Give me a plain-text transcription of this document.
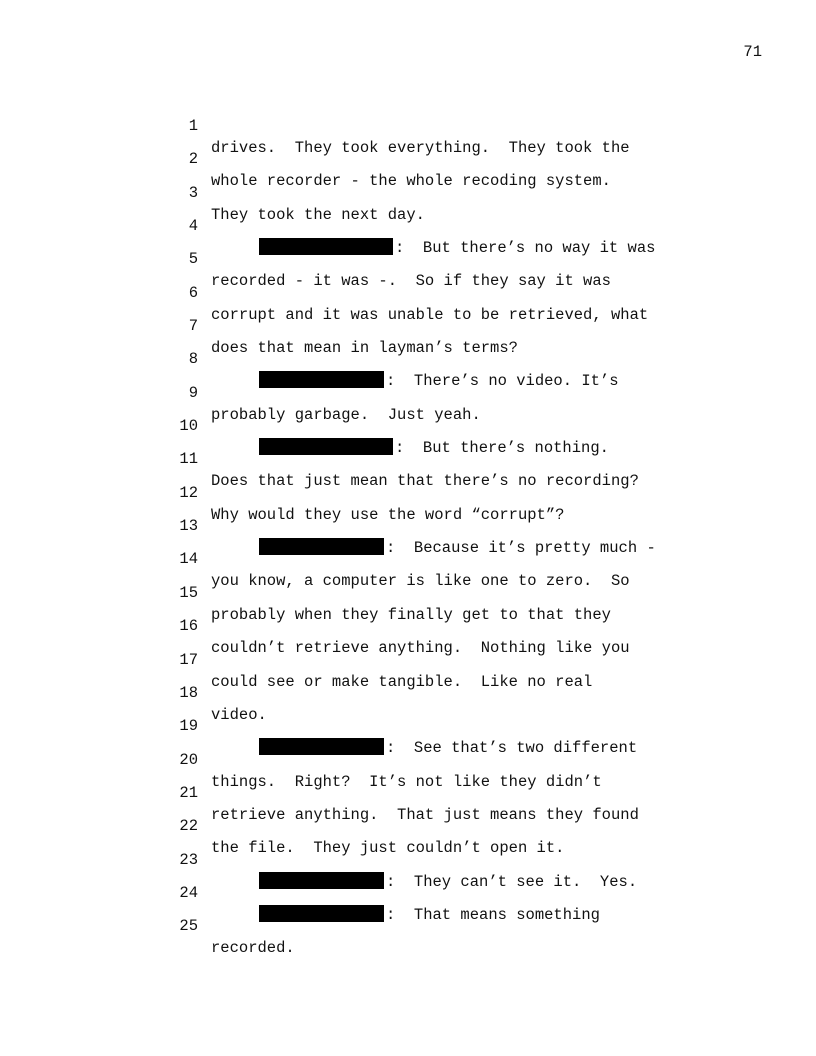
71

1

drives.  They took everything.  They took the

2

whole recorder - the whole recoding system.

3

They took the next day.

4

:  But there’s no way it was

5

recorded - it was -.  So if they say it was

6

corrupt and it was unable to be retrieved, what

7

does that mean in layman’s terms?

8

:  There’s no video. It’s

9

probably garbage.  Just yeah.

10

:  But there’s nothing.

11

Does that just mean that there’s no recording?

12

Why would they use the word “corrupt”?

13

:  Because it’s pretty much -

14

you know, a computer is like one to zero.  So

15

probably when they finally get to that they

16

couldn’t retrieve anything.  Nothing like you

17

could see or make tangible.  Like no real

18

video.

19

:  See that’s two different

20

things.  Right?  It’s not like they didn’t

21

retrieve anything.  That just means they found

22

the file.  They just couldn’t open it.

23

:  They can’t see it.  Yes.

24

:  That means something

25

recorded.
